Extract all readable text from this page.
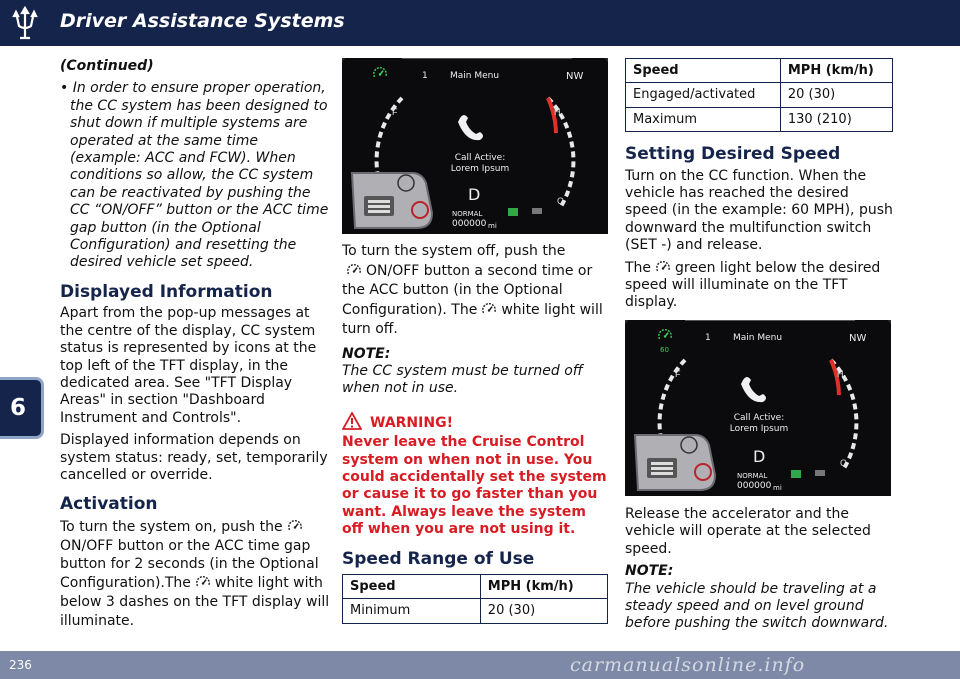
Driver Assistance Systems
6

(Continued)

• In order to ensure proper operation, the CC system has been designed to shut down if multiple systems are operated at the same time (example: ACC and FCW). When conditions so allow, the CC system can be reactivated by pushing the CC “ON/OFF” button or the ACC time gap button (in the Optional Configuration) and resetting the desired vehicle set speed.

Displayed Information

Apart from the pop-up messages at the centre of the display, CC system status is represented by icons at the top left of the TFT display, in the dedicated area. See "TFT Display Areas" in section "Dashboard Instrument and Controls".

Displayed information depends on system status: ready, set, temporarily cancelled or override.

Activation

To turn the system on, push theON/OFF button or the ACC time gap button for 2 seconds (in the Optional Configuration).The white light with below 3 dashes on the TFT display will illuminate.

1 Main Menu	NW
Call Active:
Lorem Ipsum
D
NORMAL
000000 mi

To turn the system off, push the
ON/OFF button a second time or the ACC button (in the Optional Configuration). The white light will turn off.

NOTE:

The CC system must be turned off when not in use.

WARNING!

Never leave the Cruise Control system on when not in use. You could accidentally set the system or cause it to go faster than you want. Always leave the system off when you are not using it.

Speed Range of Use
Speed	MPH (km/h)
Minimum	20 (30)
Speed	MPH (km/h)
Engaged/activated	20 (30)
Maximum	130 (210)
Setting Desired Speed

Turn on the CC function. When the vehicle has reached the desired speed (in the example: 60 MPH), push downward the multifunction switch (SET -) and release.

The green light below the desired speed will illuminate on the TFT display.

60
1 Main Menu	NW
Call Active:
Lorem Ipsum
D
NORMAL
000000 mi

Release the accelerator and the vehicle will operate at the selected speed.

NOTE:

The vehicle should be traveling at a steady speed and on level ground before pushing the switch downward.

236	carmanualsonline.info
